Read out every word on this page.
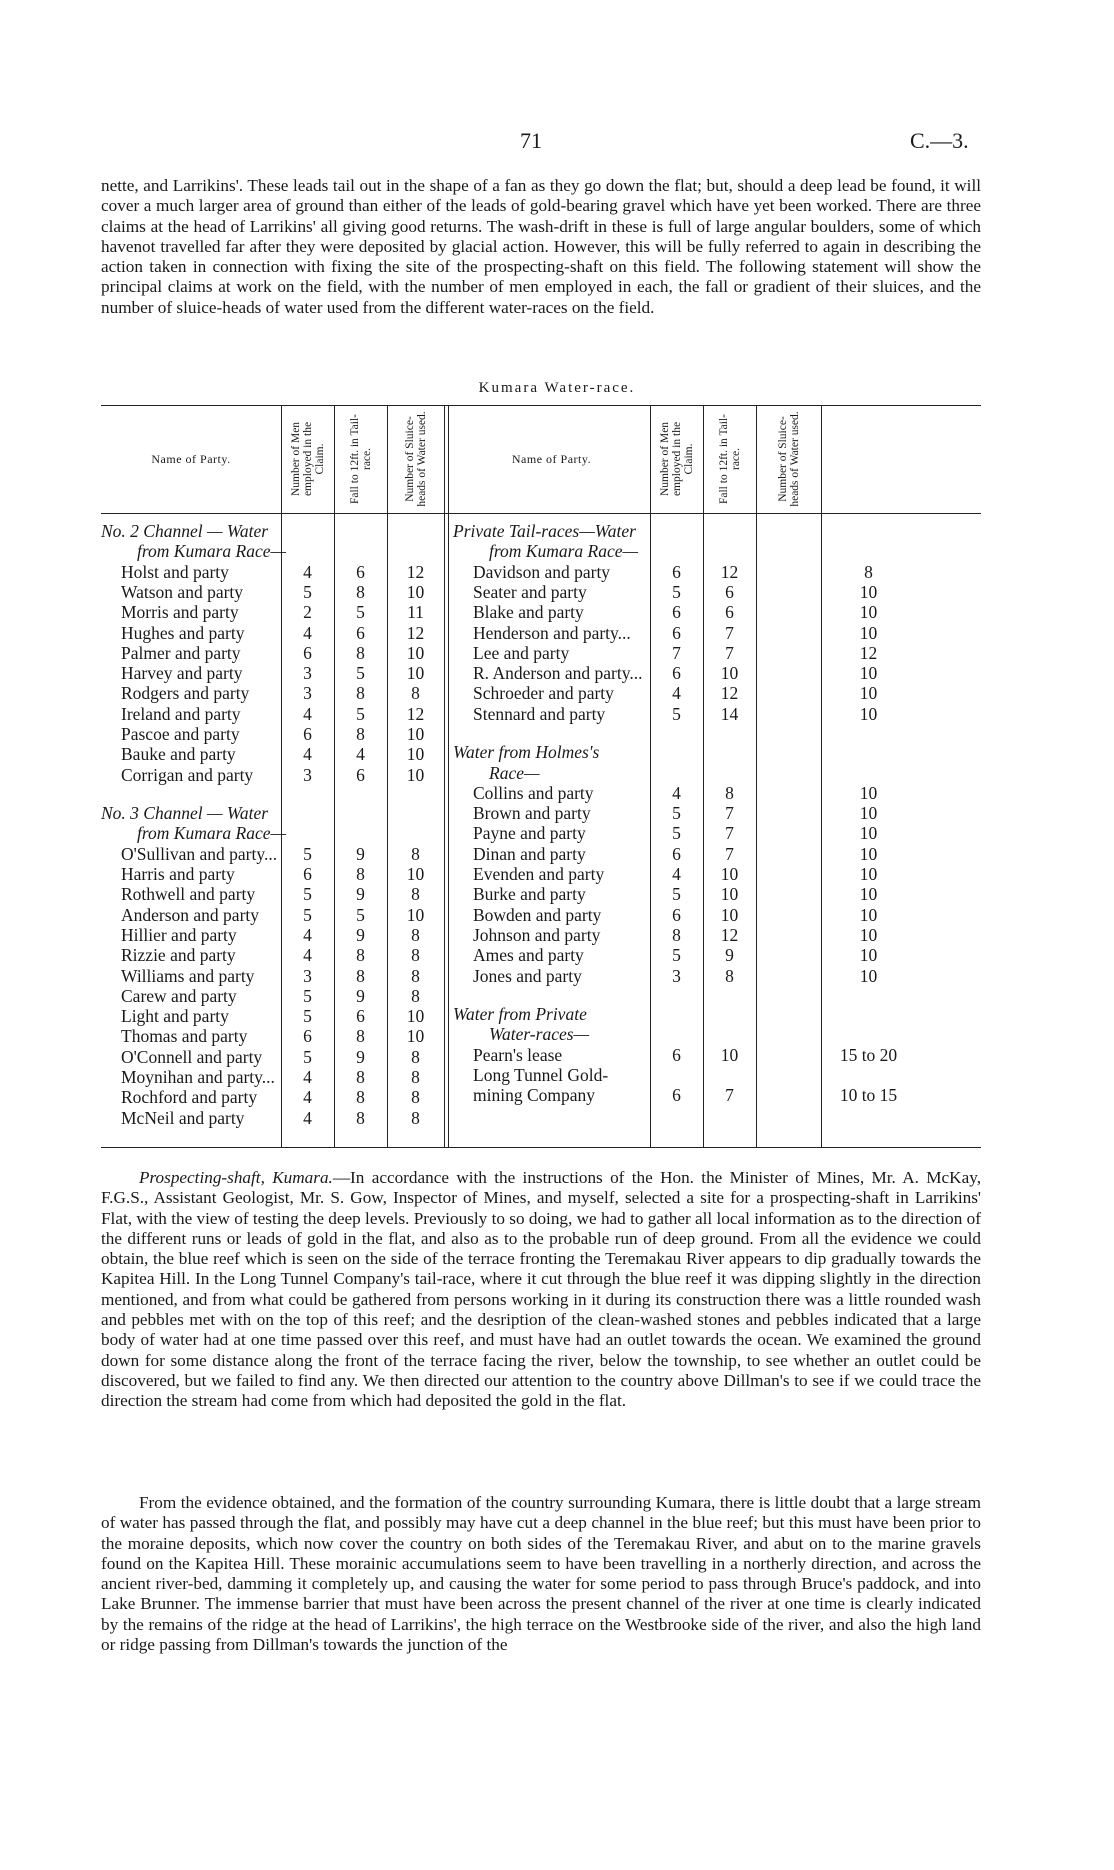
71	C.—3.

nette, and Larrikins'. These leads tail out in the shape of a fan as they go down the flat; but, should a deep lead be found, it will cover a much larger area of ground than either of the leads of gold-bearing gravel which have yet been worked. There are three claims at the head of Larrikins' all giving good returns. The wash-drift in these is full of large angular boulders, some of which havenot travelled far after they were deposited by glacial action. However, this will be fully referred to again in describing the action taken in connection with fixing the site of the prospecting-shaft on this field. The following statement will show the principal claims at work on the field, with the number of men employed in each, the fall or gradient of their sluices, and the number of sluice-heads of water used from the different water-races on the field.

Kumara Water-race.
Name of Party.	Number of Men employed in the Claim. Fall to 12ft. in Tail-race.	Number of Sluice-heads of Water used.
No. 2 Channel — Water
from Kumara Race—
Holst and party	4	6	12
Watson and party	5	8	10
Morris and party	2	5	11
Hughes and party	4	6	12
Palmer and party	6	8	10
Harvey and party	3	5	10
Rodgers and party	3	8	8
Ireland and party	4	5	12
Pascoe and party	6	8	10
Bauke and party	4	4	10
Corrigan and party	3	6	10
No. 3 Channel — Water
from Kumara Race—
O'Sullivan and party...	5	9	8
Harris and party	6	8	10
Rothwell and party	5	9	8
Anderson and party	5	5	10
Hillier and party	4	9	8
Rizzie and party	4	8	8
Williams and party	3	8	8
Carew and party	5	9	8
Light and party	5	6	10
Thomas and party	6	8	10
O'Connell and party	5	9	8
Moynihan and party...	4	8	8
Rochford and party	4	8	8
McNeil and party	4	8	8
Name of Party.	Number of Men employed in the Claim. Fall to 12ft. in Tail-race.	Number of Sluice-heads of Water used.
Private Tail-races—Water
from Kumara Race—
Davidson and party	6	12	8
Seater and party	5	6	10
Blake and party	6	6	10
Henderson and party...	6	7	10
Lee and party	7	7	12
R. Anderson and party...	6	10	10
Schroeder and party	4	12	10
Stennard and party	5	14	10
Water from Holmes's
Race—
Collins and party	4	8	10
Brown and party	5	7	10
Payne and party	5	7	10
Dinan and party	6	7	10
Evenden and party	4	10	10
Burke and party	5	10	10
Bowden and party	6	10	10
Johnson and party	8	12	10
Ames and party	5	9	10
Jones and party	3	8	10
Water from Private
Water-races—
Pearn's lease	6	10	15 to 20
Long Tunnel Gold-
mining Company	6	7	10 to 15

Prospecting-shaft, Kumara.—In accordance with the instructions of the Hon. the Minister of Mines, Mr. A. McKay, F.G.S., Assistant Geologist, Mr. S. Gow, Inspector of Mines, and myself, selected a site for a prospecting-shaft in Larrikins' Flat, with the view of testing the deep levels. Previously to so doing, we had to gather all local information as to the direction of the different runs or leads of gold in the flat, and also as to the probable run of deep ground. From all the evidence we could obtain, the blue reef which is seen on the side of the terrace fronting the Teremakau River appears to dip gradually towards the Kapitea Hill. In the Long Tunnel Company's tail-race, where it cut through the blue reef it was dipping slightly in the direction mentioned, and from what could be gathered from persons working in it during its construction there was a little rounded wash and pebbles met with on the top of this reef; and the desription of the clean-washed stones and pebbles indicated that a large body of water had at one time passed over this reef, and must have had an outlet towards the ocean. We examined the ground down for some distance along the front of the terrace facing the river, below the township, to see whether an outlet could be discovered, but we failed to find any. We then directed our attention to the country above Dillman's to see if we could trace the direction the stream had come from which had deposited the gold in the flat.

From the evidence obtained, and the formation of the country surrounding Kumara, there is little doubt that a large stream of water has passed through the flat, and possibly may have cut a deep channel in the blue reef; but this must have been prior to the moraine deposits, which now cover the country on both sides of the Teremakau River, and abut on to the marine gravels found on the Kapitea Hill. These morainic accumulations seem to have been travelling in a northerly direction, and across the ancient river-bed, damming it completely up, and causing the water for some period to pass through Bruce's paddock, and into Lake Brunner. The immense barrier that must have been across the present channel of the river at one time is clearly indicated by the remains of the ridge at the head of Larrikins', the high terrace on the Westbrooke side of the river, and also the high land or ridge passing from Dillman's towards the junction of the
